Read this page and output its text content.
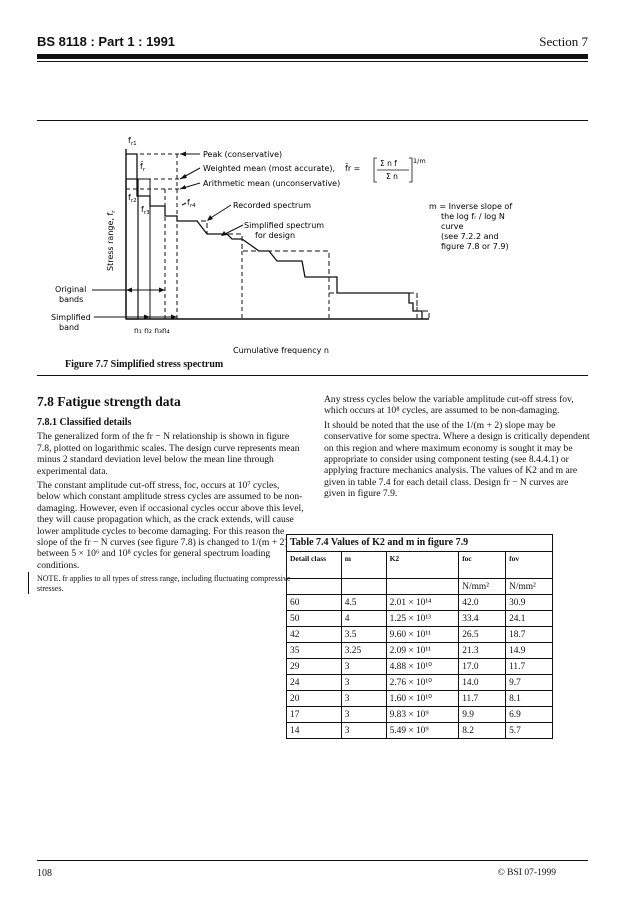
BS 8118 : Part 1 : 1991	Section 7
$f_{r1}$
$f̄_r$
$f_{r2}$
$f_{r3}$
$f_{r4}$
Peak (conservative)
Weighted mean (most accurate), f̄r =
Σ n f
Σ n
1/m
Arithmetic mean (unconservative)
Recorded spectrum
Simplified spectrum
for design
Stress range, $f_r$
Original
bands
Simplified
band	n₁ n₂ n₃n₄
Cumulative frequency n
m = Inverse slope of
the log fᵣ / log N
curve
(see 7.2.2 and
figure 7.8 or 7.9)
Figure 7.7 Simplified stress spectrum
7.8 Fatigue strength data
7.8.1 Classified details

The generalized form of the fr − N relationship is shown in figure 7.8, plotted on logarithmic scales. The design curve represents mean minus 2 standard deviation level below the mean line through experimental data.

The constant amplitude cut-off stress, foc, occurs at 10⁷ cycles, below which constant amplitude stress cycles are assumed to be non-damaging. However, even if occasional cycles occur above this level, they will cause propagation which, as the crack extends, will cause lower amplitude cycles to become damaging. For this reason the slope of the fr − N curves (see figure 7.8) is changed to 1/(m + 2) between 5 × 10⁶ and 10⁸ cycles for general spectrum loading conditions.

NOTE. fr applies to all types of stress range, including fluctuating compressive stresses.

Any stress cycles below the variable amplitude cut-off stress fov, which occurs at 10⁸ cycles, are assumed to be non-damaging.

It should be noted that the use of the 1/(m + 2) slope may be conservative for some spectra. Where a design is critically dependent on this region and where maximum economy is sought it may be appropriate to consider using component testing (see 8.4.4.1) or applying fracture mechanics analysis. The values of K2 and m are given in table 7.4 for each detail class. Design fr − N curves are given in figure 7.9.

Table 7.4 Values of K2 and m in figure 7.9
Detail class	m	K2	foc	fov
			N/mm²	N/mm²
60	4.5	2.01 × 10¹⁴	42.0	30.9
50	4	1.25 × 10¹³	33.4	24.1
42	3.5	9.60 × 10¹¹	26.5	18.7
35	3.25	2.09 × 10¹¹	21.3	14.9
29	3	4.88 × 10¹⁰	17.0	11.7
24	3	2.76 × 10¹⁰	14.0	9.7
20	3	1.60 × 10¹⁰	11.7	8.1
17	3	9.83 × 10⁹	9.9	6.9
14	3	5.49 × 10⁹	8.2	5.7
108	© BSI 07-1999
